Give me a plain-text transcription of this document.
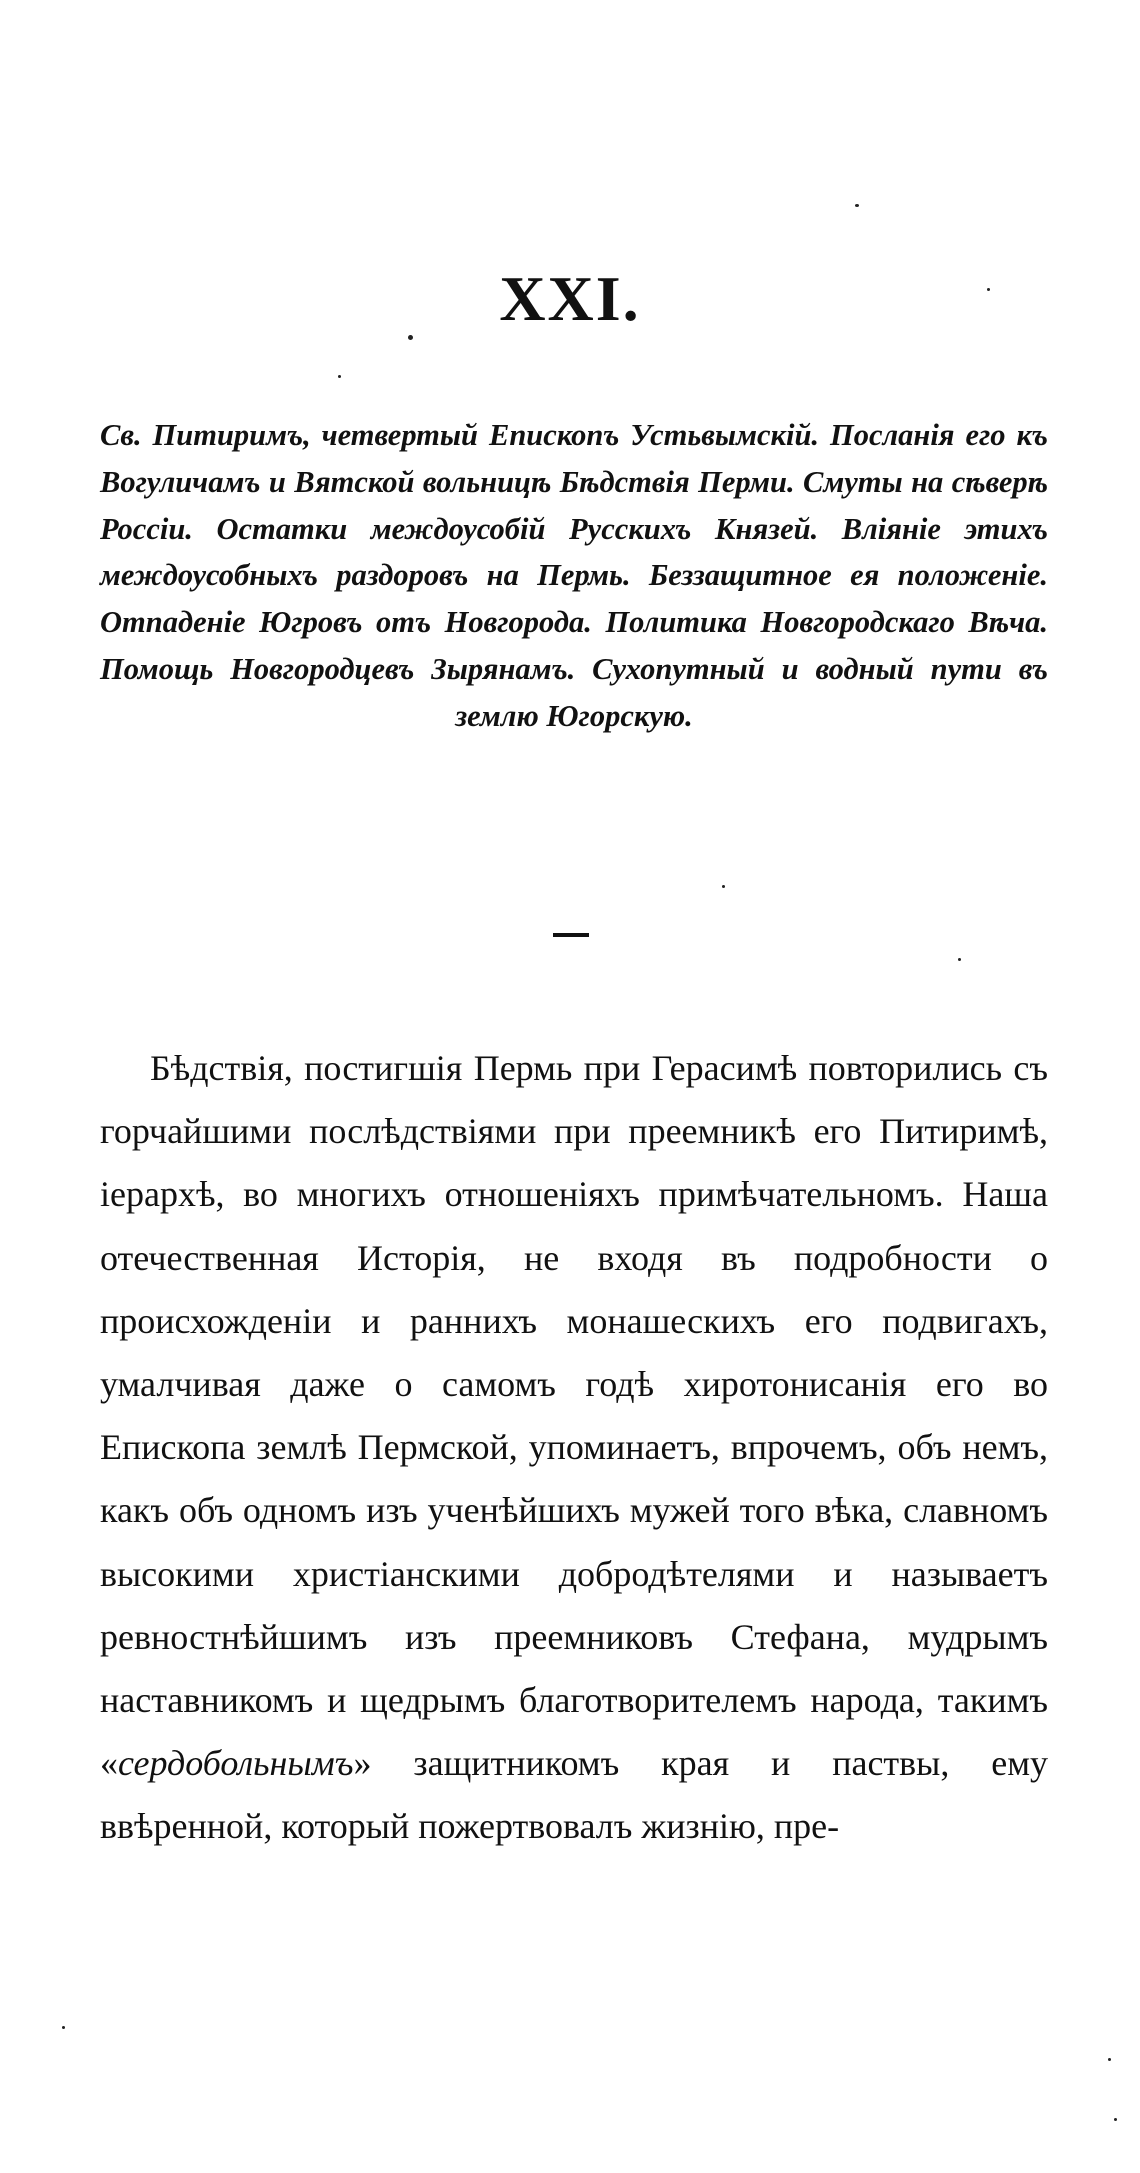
XXI.

Св. Питиримъ, четвертый Епископъ Устьвымскій. Посланія его къ Вогуличамъ и Вятской вольницѣ Бѣдствія Перми. Смуты на сѣверѣ Россіи. Остатки междоусобій Русскихъ Князей. Вліяніе этихъ междоусобныхъ раздоровъ на Пермь. Беззащитное ея положеніе. Отпаденіе Югровъ отъ Новгорода. Политика Новгородскаго Вѣча. Помощь Новгородцевъ Зырянамъ. Сухопутный и водный пути въ землю Югорскую.

Бѣдствія, постигшія Пермь при Герасимѣ повторились съ горчайшими послѣдствіями при преемникѣ его Питиримѣ, іерархѣ, во многихъ отношеніяхъ примѣчательномъ. Наша отечественная Исторія, не входя въ подробности о происхожденіи и раннихъ монашескихъ его подвигахъ, умалчивая даже о самомъ годѣ хиротонисанія его во Епископа землѣ Пермской, упоминаетъ, впрочемъ, объ немъ, какъ объ одномъ изъ ученѣйшихъ мужей того вѣка, славномъ высокими христіанскими добродѣтелями и называетъ ревностнѣйшимъ изъ преемниковъ Стефана, мудрымъ наставникомъ и щедрымъ благотворителемъ народа, такимъ «сердобольнымъ» защитникомъ края и паствы, ему ввѣренной, который пожертвовалъ жизнію, пре-
